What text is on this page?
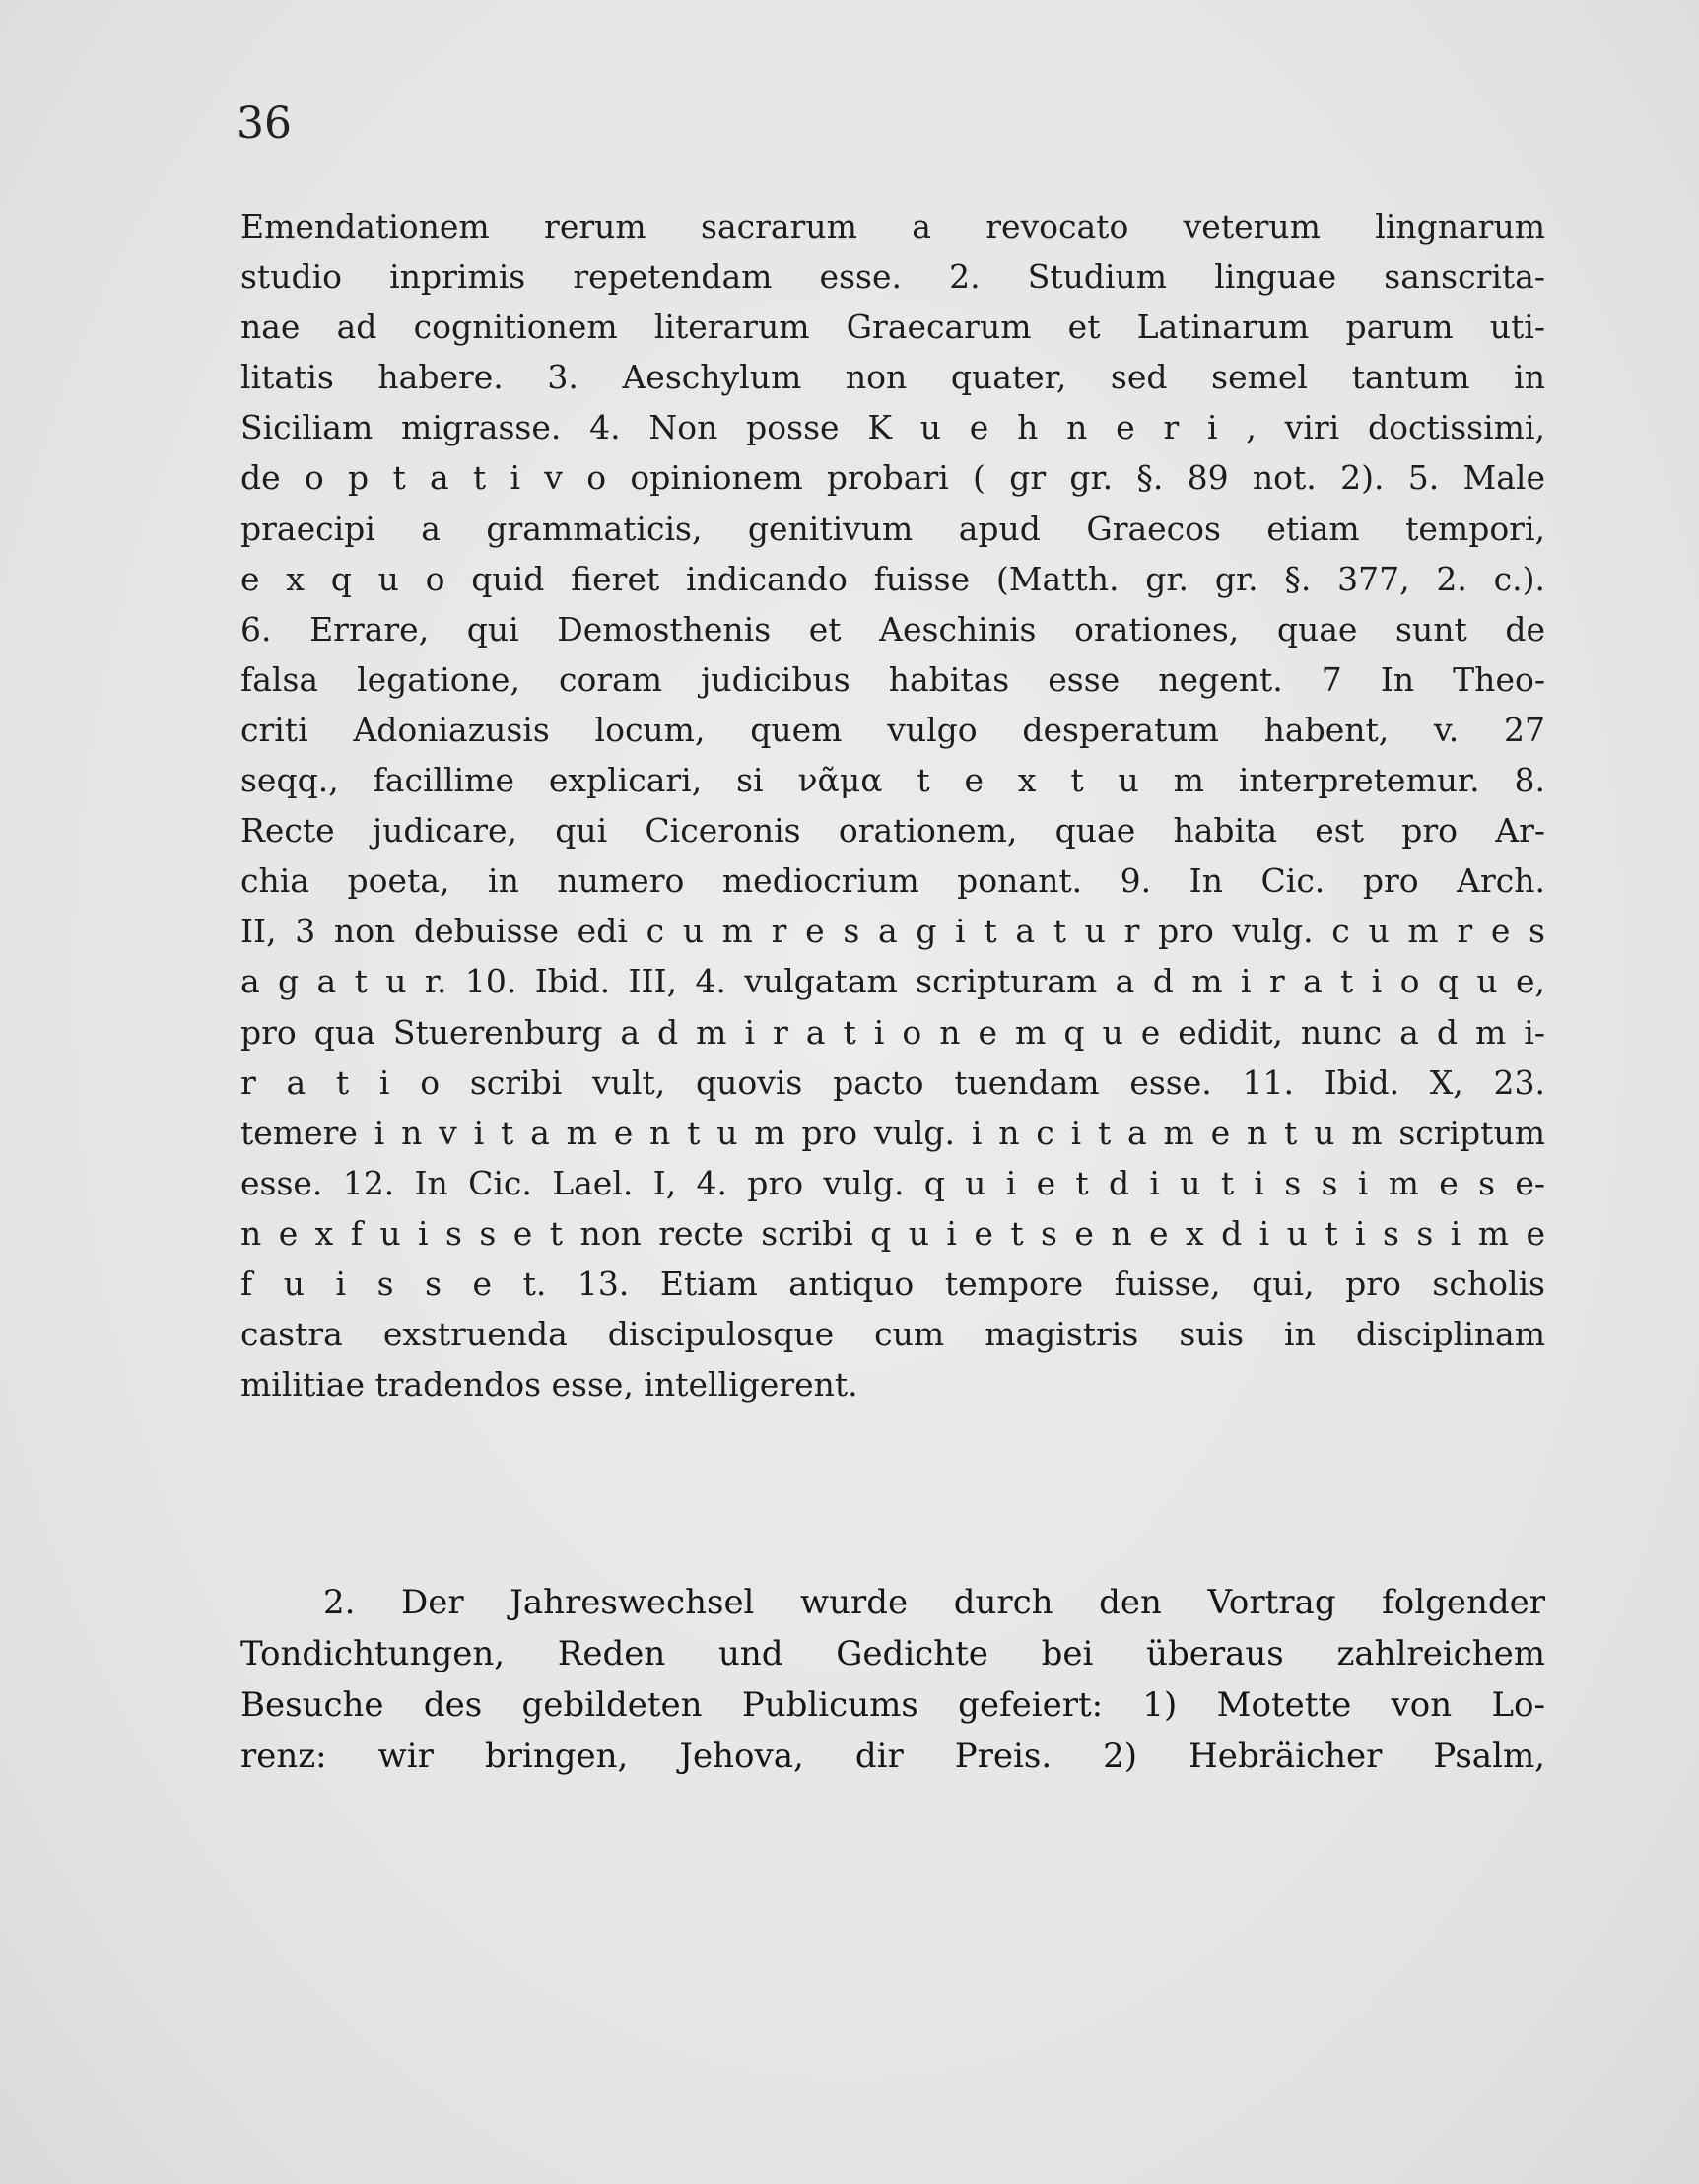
36
Emendationem rerum sacrarum a revocato veterum lingnarum
studio inprimis repetendam esse. 2. Studium linguae sanscrita-
nae ad cognitionem literarum Graecarum et Latinarum parum uti-
litatis habere. 3. Aeschylum non quater, sed semel tantum in
Siciliam migrasse. 4. Non posse K u e h n e r i , viri doctissimi,
de o p t a t i v o opinionem probari ( gr gr. §. 89 not. 2). 5. Male
praecipi a grammaticis, genitivum apud Graecos etiam tempori,
e x q u o quid fieret indicando fuisse (Matth. gr. gr. §. 377, 2. c.).
6. Errare, qui Demosthenis et Aeschinis orationes, quae sunt de
falsa legatione, coram judicibus habitas esse negent. 7 In Theo-
criti Adoniazusis locum, quem vulgo desperatum habent, v. 27
seqq., facillime explicari, si νᾶμα t e x t u m interpretemur. 8.
Recte judicare, qui Ciceronis orationem, quae habita est pro Ar-
chia poeta, in numero mediocrium ponant. 9. In Cic. pro Arch.
II, 3 non debuisse edi c u m r e s a g i t a t u r pro vulg. c u m r e s
a g a t u r. 10. Ibid. III, 4. vulgatam scripturam a d m i r a t i o q u e,
pro qua Stuerenburg a d m i r a t i o n e m q u e edidit, nunc a d m i-
r a t i o scribi vult, quovis pacto tuendam esse. 11. Ibid. X, 23.
temere i n v i t a m e n t u m pro vulg. i n c i t a m e n t u m scriptum
esse. 12. In Cic. Lael. I, 4. pro vulg. q u i e t d i u t i s s i m e s e-
n e x f u i s s e t non recte scribi q u i e t s e n e x d i u t i s s i m e
f u i s s e t. 13. Etiam antiquo tempore fuisse, qui, pro scholis
castra exstruenda discipulosque cum magistris suis in disciplinam
militiae tradendos esse, intelligerent.
2. Der Jahreswechsel wurde durch den Vortrag folgender
Tondichtungen, Reden und Gedichte bei überaus zahlreichem
Besuche des gebildeten Publicums gefeiert: 1) Motette von Lo-
renz: wir bringen, Jehova, dir Preis. 2) Hebräicher Psalm,
